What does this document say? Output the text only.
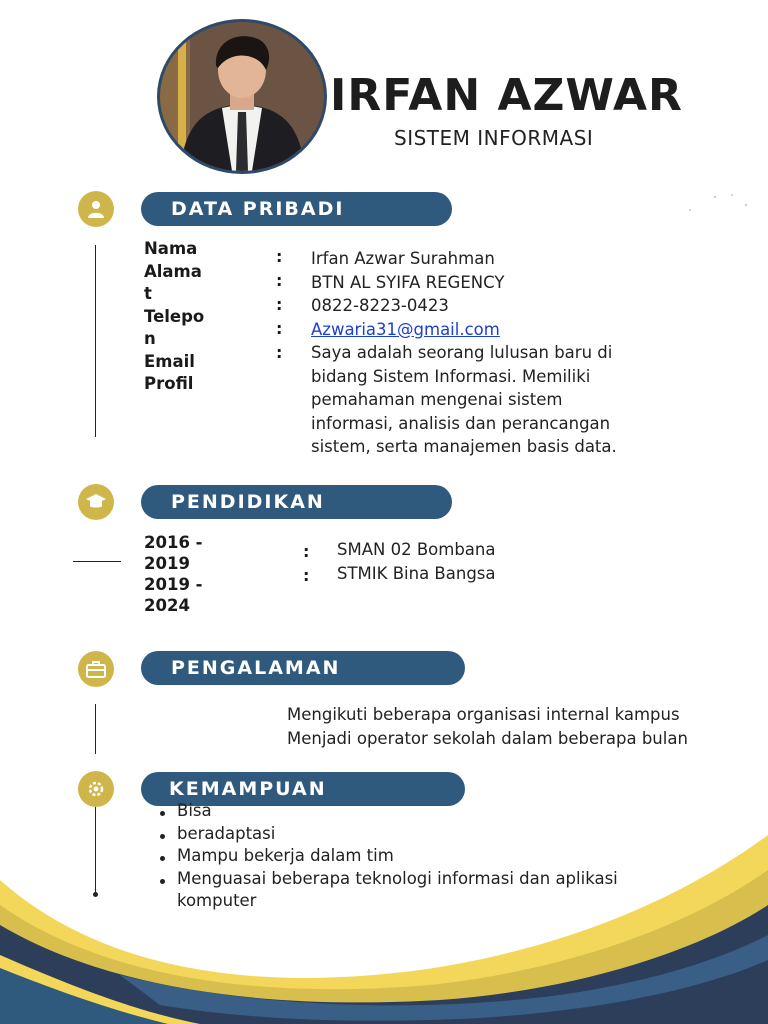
IRFAN AZWAR
SISTEM INFORMASI
DATA PRIBADI
Nama
Alama
t
Telepo
n
Email
Profil
:
:
:
:
:
Irfan Azwar Surahman
BTN AL SYIFA REGENCY
0822-8223-0423
Azwaria31@gmail.com
Saya adalah seorang lulusan baru di
bidang Sistem Informasi. Memiliki
pemahaman mengenai sistem
informasi, analisis dan perancangan
sistem, serta manajemen basis data.
PENDIDIKAN
2016 -
2019
2019 -
2024
:
:
SMAN 02 Bombana
STMIK Bina Bangsa
PENGALAMAN
Mengikuti beberapa organisasi internal kampus
Menjadi operator sekolah dalam beberapa bulan
KEMAMPUAN
Bisa
beradaptasi
Mampu bekerja dalam tim
Menguasai beberapa teknologi informasi dan aplikasi
komputer
